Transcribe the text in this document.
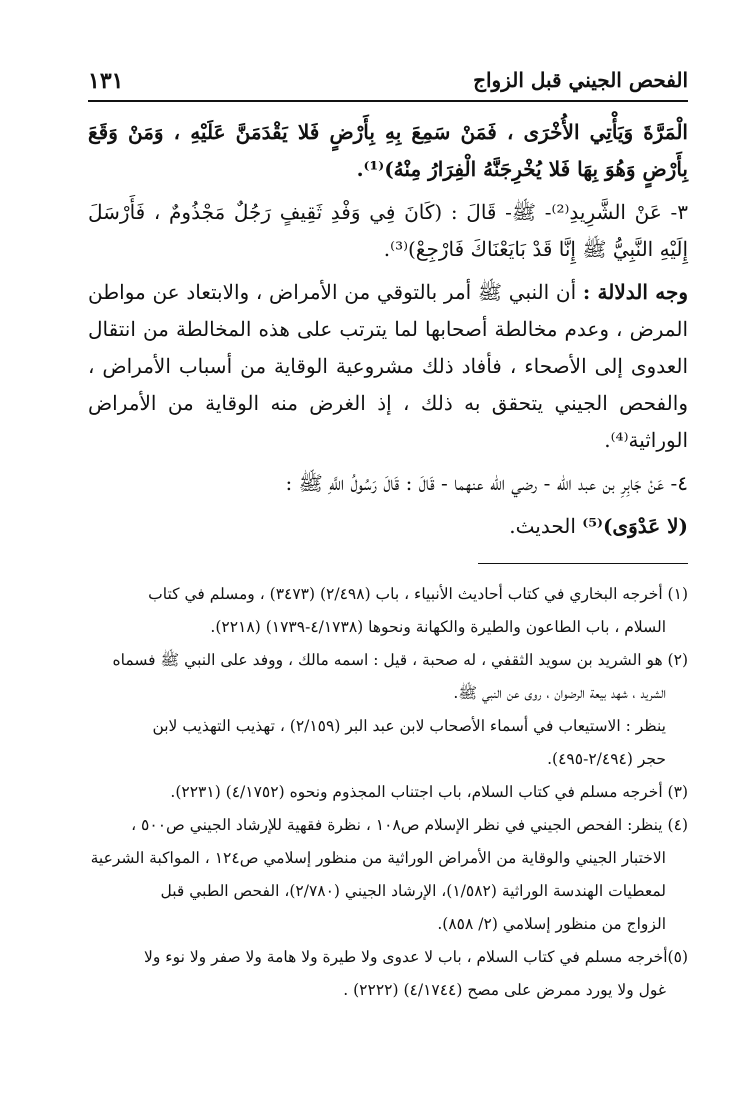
الفحص الجيني قبل الزواج
١٣١

الْمَرَّةَ وَيَأْتِي الأُخْرَى ، فَمَنْ سَمِعَ بِهِ بِأَرْضٍ فَلا يَقْدَمَنَّ عَلَيْهِ ، وَمَنْ وَقَعَ بِأَرْضٍ وَهُوَ بِهَا فَلا يُخْرِجَنَّهُ الْفِرَارُ مِنْهُ)⁽¹⁾.

٣- عَنْ الشَّرِيدِ⁽²⁾- ﷺ- قَالَ : (كَانَ فِي وَفْدِ ثَقِيفٍ رَجُلٌ مَجْذُومٌ ، فَأَرْسَلَ إِلَيْهِ النَّبِيُّ ﷺ إِنَّا قَدْ بَايَعْنَاكَ فَارْجِعْ)⁽³⁾.

وجه الدلالة : أن النبي ﷺ أمر بالتوقي من الأمراض ، والابتعاد عن مواطن المرض ، وعدم مخالطة أصحابها لما يترتب على هذه المخالطة من انتقال العدوى إلى الأصحاء ، فأفاد ذلك مشروعية الوقاية من أسباب الأمراض ، والفحص الجيني يتحقق به ذلك ، إذ الغرض منه الوقاية من الأمراض الوراثية⁽⁴⁾.

٤- عَنْ جَابِرِ بن عبد الله - رضي الله عنهما - قَالَ : قَالَ رَسُولُ اللَّهِ ﷺ :

(لا عَدْوَى)⁽⁵⁾ الحديث.

(١) أخرجه البخاري في كتاب أحاديث الأنبياء ، باب (٢/٤٩٨) (٣٤٧٣) ، ومسلم في كتاب

السلام ، باب الطاعون والطيرة والكهانة ونحوها (٤/١٧٣٨-١٧٣٩) (٢٢١٨).

(٢) هو الشريد بن سويد الثقفي ، له صحبة ، قيل : اسمه مالك ، ووفد على النبي ﷺ فسماه

الشريد ، شهد بيعة الرضوان ، روى عن النبي ﷺ.

ينظر : الاستيعاب في أسماء الأصحاب لابن عبد البر (٢/١٥٩) ، تهذيب التهذيب لابن

حجر (٢/٤٩٤-٤٩٥).

(٣) أخرجه مسلم في كتاب السلام، باب اجتناب المجذوم ونحوه (٤/١٧٥٢) (٢٢٣١).

(٤) ينظر: الفحص الجيني في نظر الإسلام ص١٠٨ ، نظرة فقهية للإرشاد الجيني ص٥٠٠ ،

الاختبار الجيني والوقاية من الأمراض الوراثية من منظور إسلامي ص١٢٤ ، المواكبة الشرعية

لمعطيات الهندسة الوراثية (١/٥٨٢)، الإرشاد الجيني (٢/٧٨٠)، الفحص الطبي قبل

الزواج من منظور إسلامي (٢/ ٨٥٨).

(٥)أخرجه مسلم في كتاب السلام ، باب لا عدوى ولا طيرة ولا هامة ولا صفر ولا نوء ولا

غول ولا يورد ممرض على مصح (٤/١٧٤٤) (٢٢٢٢) .
